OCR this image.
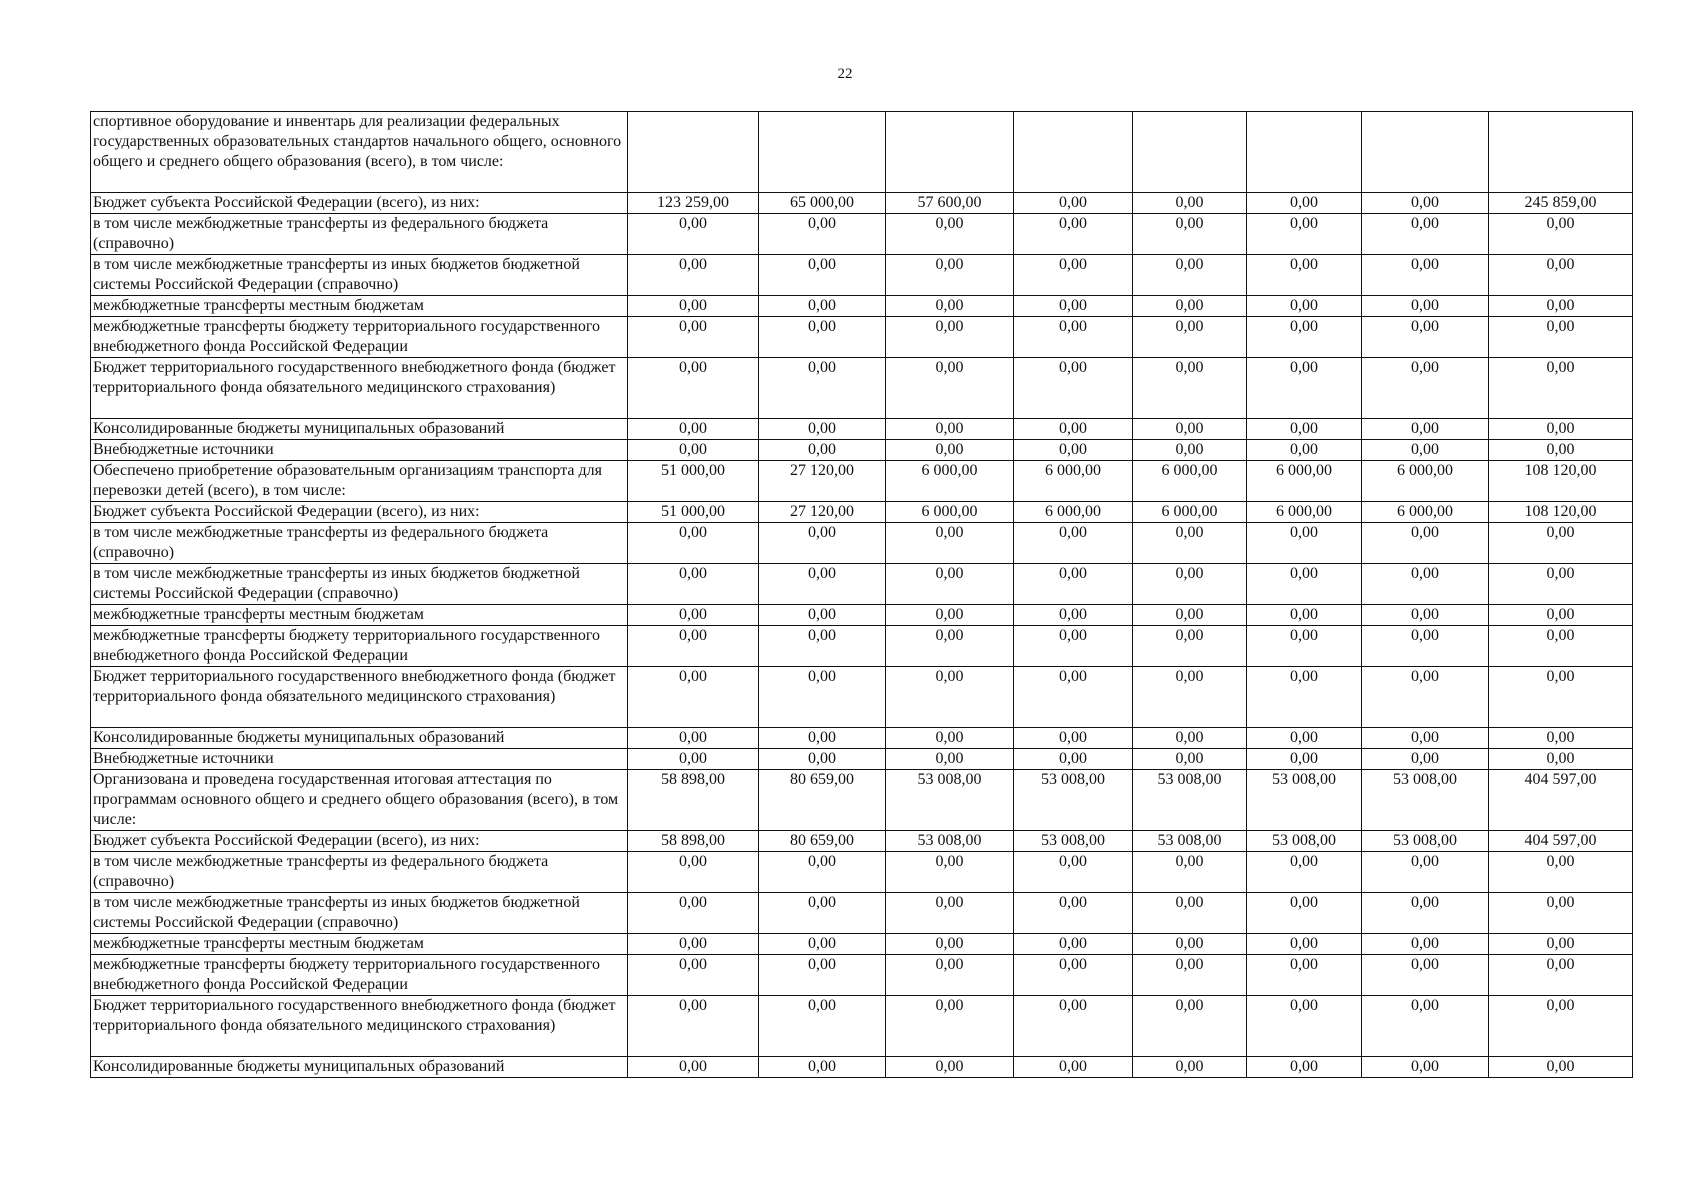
22
спортивное оборудование и инвентарь для реализации федеральных государственных образовательных стандартов начального общего, основного общего и среднего общего образования (всего), в том числе:								
Бюджет субъекта Российской Федерации (всего), из них:	123 259,00	65 000,00	57 600,00	0,00	0,00	0,00	0,00	245 859,00
в том числе межбюджетные трансферты из федерального бюджета (справочно)	0,00	0,00	0,00	0,00	0,00	0,00	0,00	0,00
в том числе межбюджетные трансферты из иных бюджетов бюджетной системы Российской Федерации (справочно)	0,00	0,00	0,00	0,00	0,00	0,00	0,00	0,00
межбюджетные трансферты местным бюджетам	0,00	0,00	0,00	0,00	0,00	0,00	0,00	0,00
межбюджетные трансферты бюджету территориального государственного внебюджетного фонда Российской Федерации	0,00	0,00	0,00	0,00	0,00	0,00	0,00	0,00
Бюджет территориального государственного внебюджетного фонда (бюджет территориального фонда обязательного медицинского страхования)	0,00	0,00	0,00	0,00	0,00	0,00	0,00	0,00
Консолидированные бюджеты муниципальных образований	0,00	0,00	0,00	0,00	0,00	0,00	0,00	0,00
Внебюджетные источники	0,00	0,00	0,00	0,00	0,00	0,00	0,00	0,00
Обеспечено приобретение образовательным организациям транспорта для перевозки детей (всего), в том числе:	51 000,00	27 120,00	6 000,00	6 000,00	6 000,00	6 000,00	6 000,00	108 120,00
Бюджет субъекта Российской Федерации (всего), из них:	51 000,00	27 120,00	6 000,00	6 000,00	6 000,00	6 000,00	6 000,00	108 120,00
в том числе межбюджетные трансферты из федерального бюджета (справочно)	0,00	0,00	0,00	0,00	0,00	0,00	0,00	0,00
в том числе межбюджетные трансферты из иных бюджетов бюджетной системы Российской Федерации (справочно)	0,00	0,00	0,00	0,00	0,00	0,00	0,00	0,00
межбюджетные трансферты местным бюджетам	0,00	0,00	0,00	0,00	0,00	0,00	0,00	0,00
межбюджетные трансферты бюджету территориального государственного внебюджетного фонда Российской Федерации	0,00	0,00	0,00	0,00	0,00	0,00	0,00	0,00
Бюджет территориального государственного внебюджетного фонда (бюджет территориального фонда обязательного медицинского страхования)	0,00	0,00	0,00	0,00	0,00	0,00	0,00	0,00
Консолидированные бюджеты муниципальных образований	0,00	0,00	0,00	0,00	0,00	0,00	0,00	0,00
Внебюджетные источники	0,00	0,00	0,00	0,00	0,00	0,00	0,00	0,00
Организована и проведена государственная итоговая аттестация по программам основного общего и среднего общего образования (всего), в том числе:	58 898,00	80 659,00	53 008,00	53 008,00	53 008,00	53 008,00	53 008,00	404 597,00
Бюджет субъекта Российской Федерации (всего), из них:	58 898,00	80 659,00	53 008,00	53 008,00	53 008,00	53 008,00	53 008,00	404 597,00
в том числе межбюджетные трансферты из федерального бюджета (справочно)	0,00	0,00	0,00	0,00	0,00	0,00	0,00	0,00
в том числе межбюджетные трансферты из иных бюджетов бюджетной системы Российской Федерации (справочно)	0,00	0,00	0,00	0,00	0,00	0,00	0,00	0,00
межбюджетные трансферты местным бюджетам	0,00	0,00	0,00	0,00	0,00	0,00	0,00	0,00
межбюджетные трансферты бюджету территориального государственного внебюджетного фонда Российской Федерации	0,00	0,00	0,00	0,00	0,00	0,00	0,00	0,00
Бюджет территориального государственного внебюджетного фонда (бюджет территориального фонда обязательного медицинского страхования)	0,00	0,00	0,00	0,00	0,00	0,00	0,00	0,00
Консолидированные бюджеты муниципальных образований	0,00	0,00	0,00	0,00	0,00	0,00	0,00	0,00
